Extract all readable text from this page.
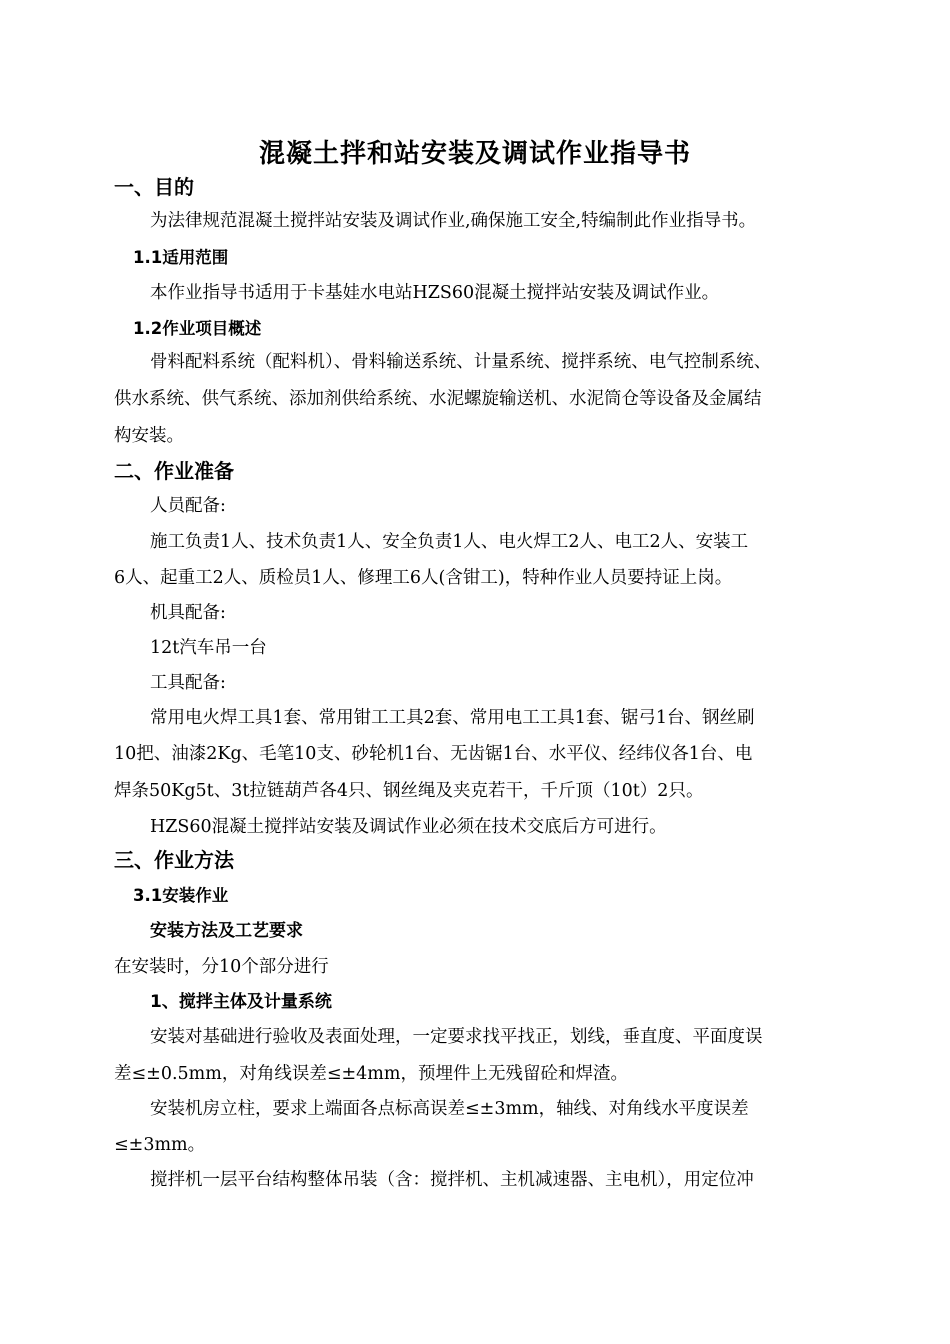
混凝土拌和站安装及调试作业指导书
一、目的
为法律规范混凝土搅拌站安装及调试作业,确保施工安全,特编制此作业指导书。
1.1适用范围
本作业指导书适用于卡基娃水电站HZS60混凝土搅拌站安装及调试作业。
1.2作业项目概述
骨料配料系统（配料机）、骨料输送系统、计量系统、搅拌系统、电气控制系统、
供水系统、供气系统、添加剂供给系统、水泥螺旋输送机、水泥筒仓等设备及金属结
构安装。
二、作业准备
人员配备:
施工负责1人、技术负责1人、安全负责1人、电火焊工2人、电工2人、安装工
6人、起重工2人、质检员1人、修理工6人(含钳工)，特种作业人员要持证上岗。
机具配备:
12t汽车吊一台
工具配备:
常用电火焊工具1套、常用钳工工具2套、常用电工工具1套、锯弓1台、钢丝刷
10把、油漆2Kg、毛笔10支、砂轮机1台、无齿锯1台、水平仪、经纬仪各1台、电
焊条50Kg5t、3t拉链葫芦各4只、钢丝绳及夹克若干，千斤顶（10t）2只。
HZS60混凝土搅拌站安装及调试作业必须在技术交底后方可进行。
三、作业方法
3.1安装作业
安装方法及工艺要求
在安装时，分10个部分进行
1、搅拌主体及计量系统
安装对基础进行验收及表面处理，一定要求找平找正，划线，垂直度、平面度误
差≤±0.5mm，对角线误差≤±4mm，预埋件上无残留砼和焊渣。
安装机房立柱，要求上端面各点标高误差≤±3mm，轴线、对角线水平度误差
≤±3mm。
搅拌机一层平台结构整体吊装（含：搅拌机、主机减速器、主电机），用定位冲
